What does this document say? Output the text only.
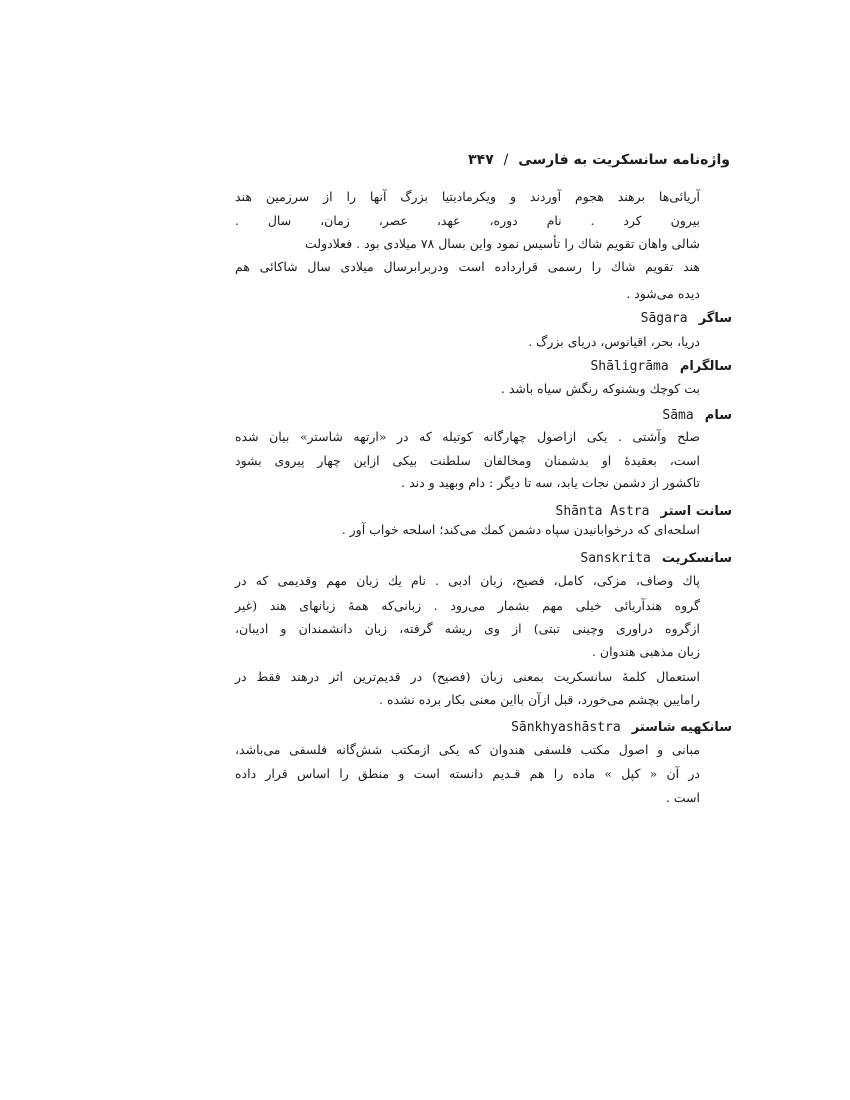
واژه‌نامه سانسکریت به فارسی / ۳۴۷
آریائی‌ها برهند هجوم آوردند و ویکرمادیتیا بزرگ آنها را از سرزمین هند
بیرون کرد . نام دوره، عهد، عصر، زمان، سال .
شالی واهان تقویم شاك را تأسیس نمود واین بسال ۷۸ میلادی بود . فعلادولت
هند تقویم شاك را رسمی قرارداده است ودربرابرسال میلادی سال شاکائی هم
دیده می‌شود .
ساگر Sāgara
دریا، بحر، اقیانوس، دریای بزرگ .
سالگرام Shāligrāma
بت کوچك وبشنوکه رنگش سیاه باشد .
سام Sāma
صلح وآشتی . یکی ازاصول چهارگانه کوتیله که در «ارتهه شاستر» بیان شده
است، بعقیدهٔ او بدشمنان ومخالفان سلطنت بیکی ازاین چهار پیروی بشود
تاکشور از دشمن نجات یابد، سه تا دیگر : دام وبهید و دند .
سانت استر Shānta Astra
اسلحه‌ای که درخوابانیدن سپاه دشمن کمك می‌کند؛ اسلحه خواب آور .
سانسکریت Sanskrita
پاك وصاف، مزکی، کامل، فصیح، زبان ادبی . نام یك زبان مهم وقدیمی که در
گروه هندآریائی خیلی مهم بشمار می‌رود . زبانی‌که همهٔ زبانهای هند (غیر
ازگروه دراوری وچینی تبتی) از وی ریشه گرفته، زبان دانشمندان و ادیبان،
زبان مذهبی هندوان .
استعمال کلمهٔ سانسکریت بمعنی زبان (فصیح) در قدیم‌ترین اثر درهند فقط در
رامایین بچشم می‌خورد، قبل ازآن بااین معنی بکار برده نشده .
سانکهیه شاستر Sānkhyashāstra
مبانی و اصول مکتب فلسفی هندوان که یکی ازمکتب شش‌گانه فلسفی می‌باشد،
در آن « کپل » ماده را هم قـدیم دانسته است و منطق را اساس قرار داده
است .
